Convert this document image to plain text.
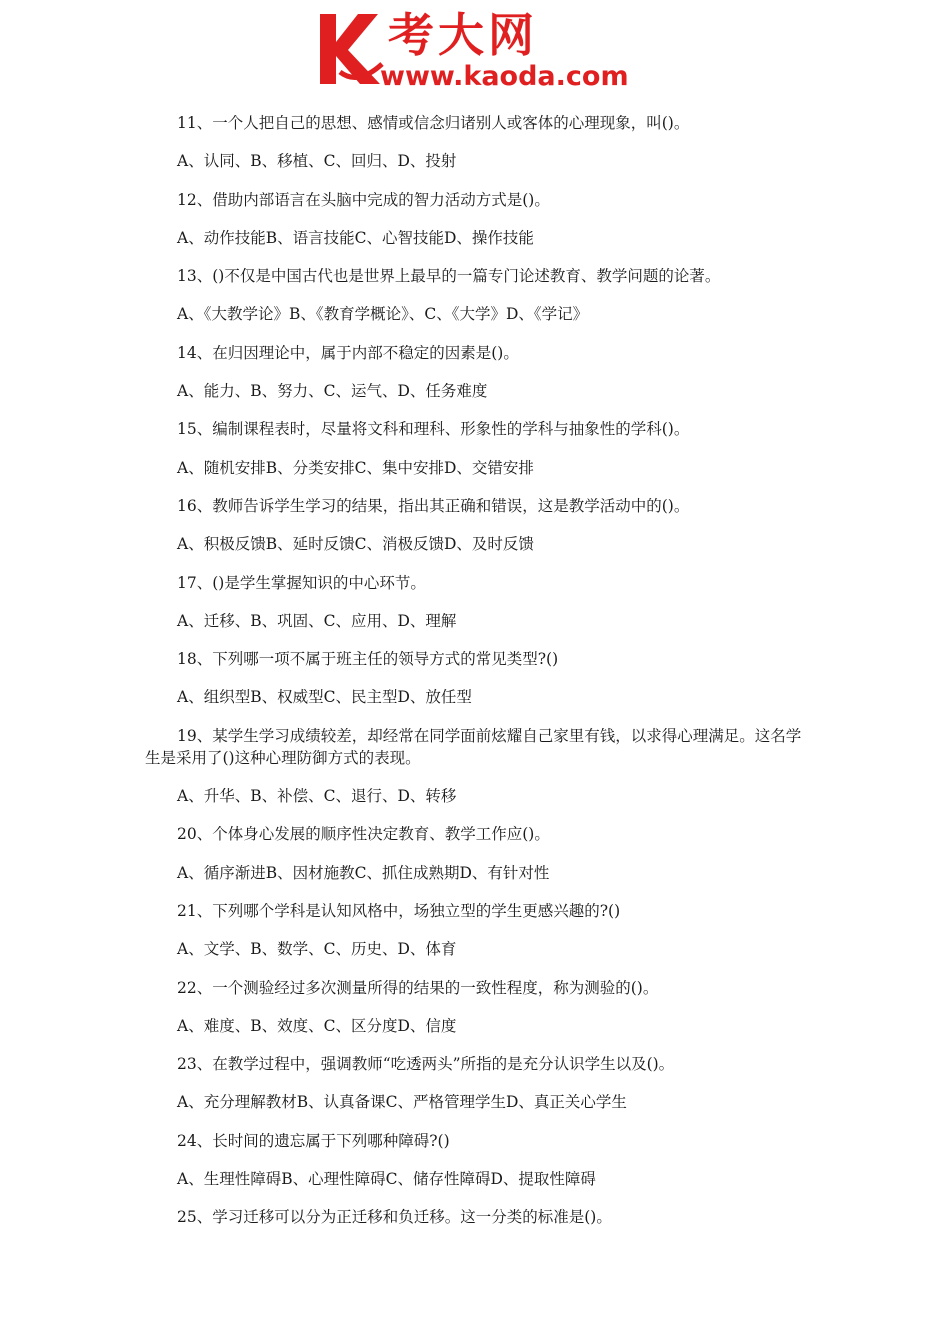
考大网
www.kaoda.com

11、一个人把自己的思想、感情或信念归诸别人或客体的心理现象，叫()。

A、认同、B、移植、C、回归、D、投射

12、借助内部语言在头脑中完成的智力活动方式是()。

A、动作技能B、语言技能C、心智技能D、操作技能

13、()不仅是中国古代也是世界上最早的一篇专门论述教育、教学问题的论著。

A、《大教学论》B、《教育学概论》、C、《大学》D、《学记》

14、在归因理论中，属于内部不稳定的因素是()。

A、能力、B、努力、C、运气、D、任务难度

15、编制课程表时，尽量将文科和理科、形象性的学科与抽象性的学科()。

A、随机安排B、分类安排C、集中安排D、交错安排

16、教师告诉学生学习的结果，指出其正确和错误，这是教学活动中的()。

A、积极反馈B、延时反馈C、消极反馈D、及时反馈

17、()是学生掌握知识的中心环节。

A、迁移、B、巩固、C、应用、D、理解

18、下列哪一项不属于班主任的领导方式的常见类型?()

A、组织型B、权威型C、民主型D、放任型

19、某学生学习成绩较差，却经常在同学面前炫耀自己家里有钱，以求得心理满足。这名学生是采用了()这种心理防御方式的表现。

A、升华、B、补偿、C、退行、D、转移

20、个体身心发展的顺序性决定教育、教学工作应()。

A、循序渐进B、因材施教C、抓住成熟期D、有针对性

21、下列哪个学科是认知风格中，场独立型的学生更感兴趣的?()

A、文学、B、数学、C、历史、D、体育

22、一个测验经过多次测量所得的结果的一致性程度，称为测验的()。

A、难度、B、效度、C、区分度D、信度

23、在教学过程中，强调教师“吃透两头”所指的是充分认识学生以及()。

A、充分理解教材B、认真备课C、严格管理学生D、真正关心学生

24、长时间的遗忘属于下列哪种障碍?()

A、生理性障碍B、心理性障碍C、储存性障碍D、提取性障碍

25、学习迁移可以分为正迁移和负迁移。这一分类的标准是()。
